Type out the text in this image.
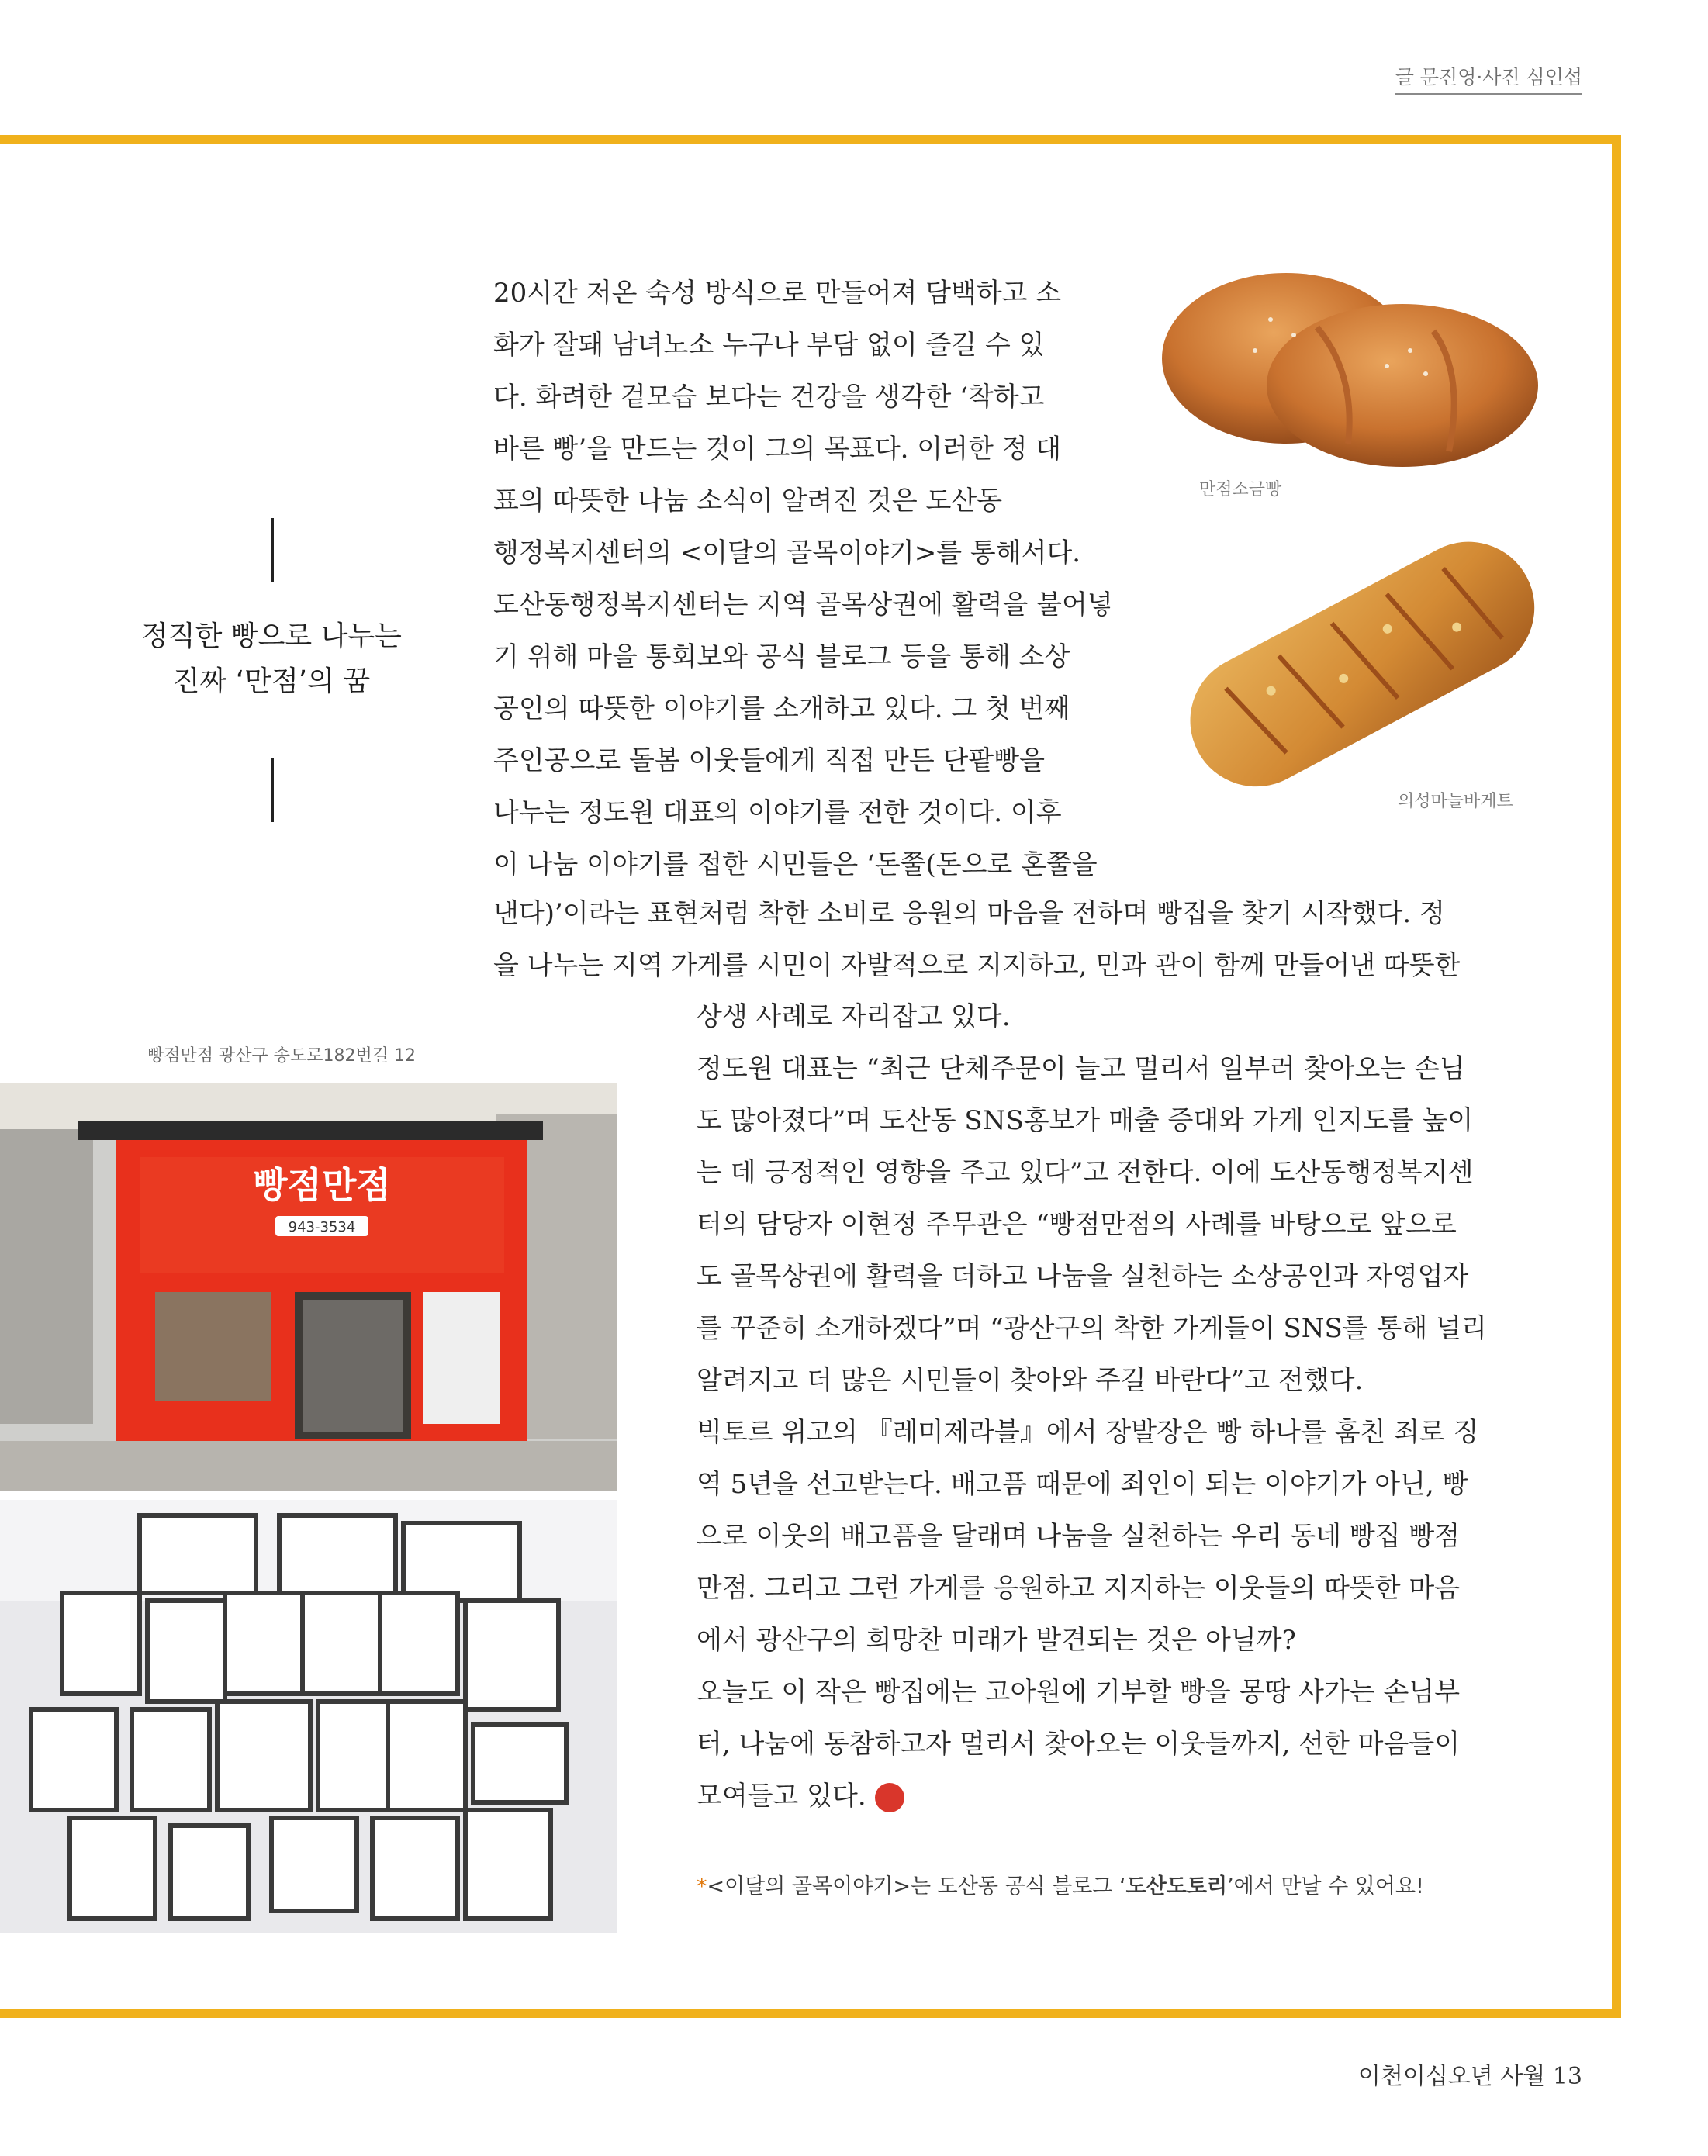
글 문진영·사진 심인섭
정직한 빵으로 나누는
진짜 ‘만점’의 꿈
만점소금빵
의성마늘바게트
20시간 저온 숙성 방식으로 만들어져 담백하고 소
화가 잘돼 남녀노소 누구나 부담 없이 즐길 수 있
다. 화려한 겉모습 보다는 건강을 생각한 ‘착하고
바른 빵’을 만드는 것이 그의 목표다. 이러한 정 대
표의 따뜻한 나눔 소식이 알려진 것은 도산동
행정복지센터의 <이달의 골목이야기>를 통해서다.
도산동행정복지센터는 지역 골목상권에 활력을 불어넣
기 위해 마을 통회보와 공식 블로그 등을 통해 소상
공인의 따뜻한 이야기를 소개하고 있다. 그 첫 번째
주인공으로 돌봄 이웃들에게 직접 만든 단팥빵을
나누는 정도원 대표의 이야기를 전한 것이다. 이후
이 나눔 이야기를 접한 시민들은 ‘돈쭐(돈으로 혼쭐을
낸다)’이라는 표현처럼 착한 소비로 응원의 마음을 전하며 빵집을 찾기 시작했다. 정
을 나누는 지역 가게를 시민이 자발적으로 지지하고, 민과 관이 함께 만들어낸 따뜻한
빵점만점 광산구 송도로182번길 12
빵점만점
943-3534
상생 사례로 자리잡고 있다.
정도원 대표는 “최근 단체주문이 늘고 멀리서 일부러 찾아오는 손님
도 많아졌다”며 도산동 SNS홍보가 매출 증대와 가게 인지도를 높이
는 데 긍정적인 영향을 주고 있다”고 전한다. 이에 도산동행정복지센
터의 담당자 이현정 주무관은 “빵점만점의 사례를 바탕으로 앞으로
도 골목상권에 활력을 더하고 나눔을 실천하는 소상공인과 자영업자
를 꾸준히 소개하겠다”며 “광산구의 착한 가게들이 SNS를 통해 널리
알려지고 더 많은 시민들이 찾아와 주길 바란다”고 전했다.
빅토르 위고의 『레미제라블』에서 장발장은 빵 하나를 훔친 죄로 징
역 5년을 선고받는다. 배고픔 때문에 죄인이 되는 이야기가 아닌, 빵
으로 이웃의 배고픔을 달래며 나눔을 실천하는 우리 동네 빵집 빵점
만점. 그리고 그런 가게를 응원하고 지지하는 이웃들의 따뜻한 마음
에서 광산구의 희망찬 미래가 발견되는 것은 아닐까?
오늘도 이 작은 빵집에는 고아원에 기부할 빵을 몽땅 사가는 손님부
터, 나눔에 동참하고자 멀리서 찾아오는 이웃들까지, 선한 마음들이
모여들고 있다.
*<이달의 골목이야기>는 도산동 공식 블로그 ‘도산도토리’에서 만날 수 있어요!
이천이십오년 사월 13
